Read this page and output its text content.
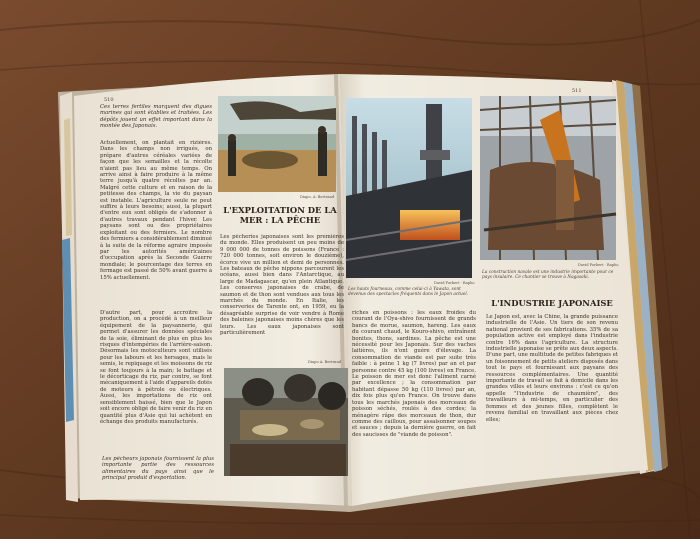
510
Ces terres fertiles marquent des digues marines qui sont établies et traitées. Les dépôts jouent un effet important dans la montée des Japonais.
Actuellement, on plantait en rizières. Dans les champs non irrigués, on prépare d'autres céréales variées de façon que les semailles et la récolte n'aient pas lieu au même temps. On arrive ainsi à faire produire à la même terre jusqu'à quatre récoltes par an. Malgré cette culture et en raison de la petitesse des champs, la vie du paysan est instable. L'agriculture seule ne peut suffire à leurs besoins; aussi, la plupart d'entre eux sont obligés de s'adonner à d'autres travaux pendant l'hiver. Les paysans sont ou des propriétaires exploitant ou des fermiers. Le nombre des fermiers a considérablement diminué à la suite de la réforme agraire imposée par les autorités américaines d'occupation après la Seconde Guerre mondiale; le pourcentage des terres en fermage est passé de 50% avant guerre à 15% actuellement.
D'autre part, pour accroître la production, on a procédé à un meilleur équipement de la paysannerie, qui permet d'assurer les données spéciales de la soie, éliminant de plus en plus les risques d'intempéries de l'arrière-saison. Désormais les motoculteurs sont utilisés pour les labours et les hersages, mais le semis, le repiquage et les moissons de riz se font toujours à la main; le battage et le décorticage du riz, par contre, se font mécaniquement à l'aide d'appareils dotés de moteurs à pétrole ou électriques. Aussi, les importations de riz ont sensiblement baissé, bien que le Japon soit encore obligé de faire venir du riz en quantité plus d'Asie qui lui achètent en échange des produits manufacturés.
Les pêcheurs japonais fournissent la plus importante partie des ressources alimentaires du pays ainsi que le principal produit d'exportation.
Diapo. A. Bertrand
L'EXPLOITATION DE LA MER : LA PÊCHE
Les pêcheries japonaises sont les premières du monde. Elles produisent un peu moins de 9 000 000 de tonnes de poissons (France : 720 000 tonnes, soit environ le douzième), écorce vive un million et demi de personnes. Les bateaux de pêche nippons parcourent les océans, aussi bien dans l'Antarctique, au large de Madagascar, qu'en plein Atlantique. Les conserves japonaises de crabe, de saumon et de thon sont vendues aux tous les marchés du monde. En Italie, les conserveries de Tarente ont, en 1959, eu la désagréable surprise de voir vendre à Rome des baleines japonaises moins chères que les leurs. Les eaux japonaises sont particulièrement
Diapo A. Bertrand
511
David Forbert · Rapho
Les hauts fourneaux, comme celui-ci à Yawata, sont devenus des spectacles fréquents dans le Japon actuel.
David Forbert · Rapho
La construction navale est une industrie importante pour ce pays insulaire. Ce chantier se trouve à Nagasaki.
riches en poissons : les eaux froides du courant de l'Oya-shivo fournissent de grands bancs de morue, saumon, hareng. Les eaux du courant chaud, le Kouro-shivo, entraînent bonites, thons, sardines. La pêche est une nécessité pour les Japonais. Sur des vaches laitières, ils n'ont guère d'élevage. La consommation de viande est par suite très faible : à peine 1 kg (7 livres) par an et par personne contre 45 kg (100 livres) en France. Le poisson de mer est donc l'aliment carné par excellence ; la consommation par habitant dépasse 50 kg (110 livres) par an, dix fois plus qu'en France. On trouve dans tous les marchés japonais des morceaux de poisson séchés, roulés à des cordes; la ménagère râpe des morceaux de thon, dur comme des cailloux, pour assaisonner soupes et sauces ; depuis la dernière guerre, on fait des saucisses de "viande de poisson".
L'INDUSTRIE JAPONAISE
Le Japon est, avec la Chine, la grande puissance industrielle de l'Asie. Un tiers de son revenu national provient de ses fabrications. 35% de sa population active est employé dans l'industrie contre 16% dans l'agriculture. La structure industrielle japonaise se prête aux deux aspects. D'une part, une multitude de petites fabriques et un foisonnement de petits ateliers disposés dans tout le pays et fournissant aux paysans des ressources complémentaires. Une quantité importante de travail se fait à domicile dans les grandes villes et leurs environs : c'est ce qu'on appelle "l'industrie de chaumière", des travailleurs à mi-temps, en particulier des femmes et des jeunes filles, complètent le revenu familial en travaillant aux pièces chez elles;
